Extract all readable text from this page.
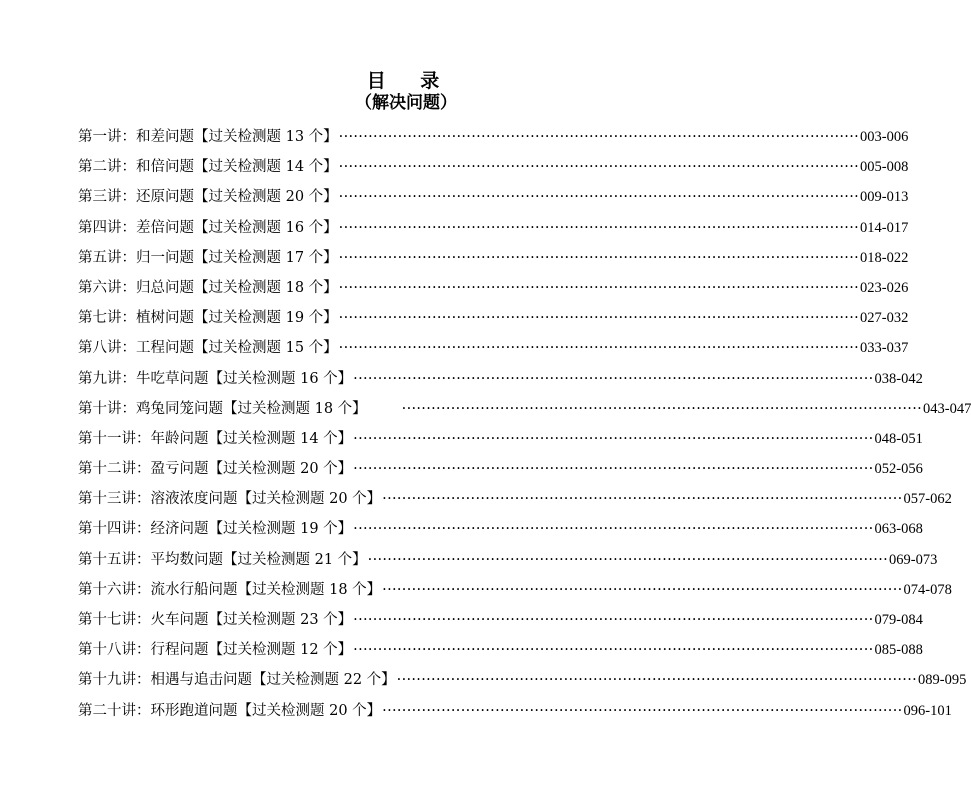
目 录
（解决问题）
第一讲： 和差问题 【过关检测题 13 个】 ·········································································································· 003-006
第二讲： 和倍问题 【过关检测题 14 个】 ·········································································································· 005-008
第三讲： 还原问题 【过关检测题 20 个】 ·········································································································· 009-013
第四讲： 差倍问题 【过关检测题 16 个】 ·········································································································· 014-017
第五讲： 归一问题 【过关检测题 17 个】 ·········································································································· 018-022
第六讲： 归总问题 【过关检测题 18 个】 ·········································································································· 023-026
第七讲： 植树问题 【过关检测题 19 个】 ·········································································································· 027-032
第八讲： 工程问题 【过关检测题 15 个】 ·········································································································· 033-037
第九讲： 牛吃草问题 【过关检测题 16 个】 ·········································································································· 038-042
第十讲： 鸡兔同笼问题 【过关检测题 18 个】 ·········································································································· 043-047
第十一讲： 年龄问题 【过关检测题 14 个】 ·········································································································· 048-051
第十二讲： 盈亏问题 【过关检测题 20 个】 ·········································································································· 052-056
第十三讲： 溶液浓度问题 【过关检测题 20 个】 ·········································································································· 057-062
第十四讲： 经济问题 【过关检测题 19 个】 ·········································································································· 063-068
第十五讲： 平均数问题 【过关检测题 21 个】 ·········································································································· 069-073
第十六讲： 流水行船问题 【过关检测题 18 个】 ·········································································································· 074-078
第十七讲： 火车问题 【过关检测题 23 个】 ·········································································································· 079-084
第十八讲： 行程问题 【过关检测题 12 个】 ·········································································································· 085-088
第十九讲： 相遇与追击问题 【过关检测题 22 个】 ·········································································································· 089-095
第二十讲： 环形跑道问题 【过关检测题 20 个】 ·········································································································· 096-101
